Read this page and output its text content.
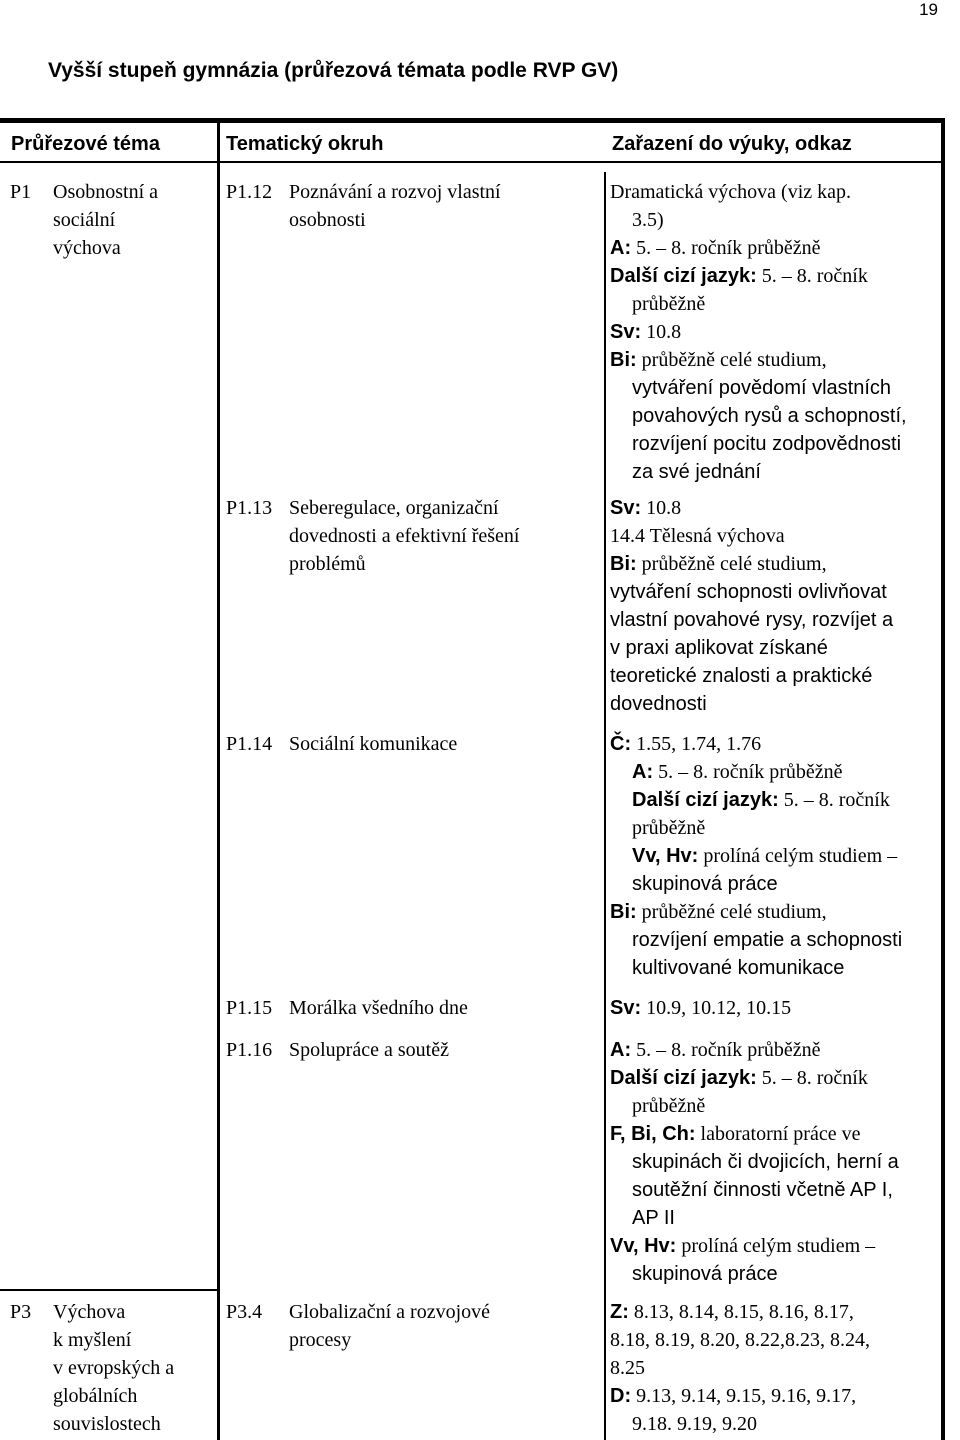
19
Vyšší stupeň gymnázia (průřezová témata podle RVP GV)
Průřezové téma	Tematický okruh	Zařazení do výuky, odkaz
P1 Osobnostní a
sociální
výchova
P3 Výchova
k myšlení
v evropských a
globálních
souvislostech
P1.12 Poznávání a rozvoj vlastní
osobnosti
P1.13 Seberegulace, organizační
dovednosti a efektivní řešení
problémů
P1.14 Sociální komunikace
P1.15 Morálka všedního dne
P1.16 Spolupráce a soutěž
P3.4 Globalizační a rozvojové
procesy
Dramatická výchova (viz kap.
3.5)
A: 5. – 8. ročník průběžně
Další cizí jazyk: 5. – 8. ročník
průběžně
Sv: 10.8
Bi: průběžně celé studium,
vytváření povědomí vlastních
povahových rysů a schopností,
rozvíjení pocitu zodpovědnosti
za své jednání
Sv: 10.8
14.4 Tělesná výchova
Bi: průběžně celé studium,
vytváření schopnosti ovlivňovat
vlastní povahové rysy, rozvíjet a
v praxi aplikovat získané
teoretické znalosti a praktické
dovednosti
Č: 1.55, 1.74, 1.76
A: 5. – 8. ročník průběžně
Další cizí jazyk: 5. – 8. ročník
průběžně
Vv, Hv: prolíná celým studiem –
skupinová práce
Bi: průběžné celé studium,
rozvíjení empatie a schopnosti
kultivované komunikace
Sv: 10.9, 10.12, 10.15
A: 5. – 8. ročník průběžně
Další cizí jazyk: 5. – 8. ročník
průběžně
F, Bi, Ch: laboratorní práce ve
skupinách či dvojicích, herní a
soutěžní činnosti včetně AP I,
AP II
Vv, Hv: prolíná celým studiem –
skupinová práce
Z: 8.13, 8.14, 8.15, 8.16, 8.17,
8.18, 8.19, 8.20, 8.22,8.23, 8.24,
8.25
D: 9.13, 9.14, 9.15, 9.16, 9.17,
9.18. 9.19, 9.20
